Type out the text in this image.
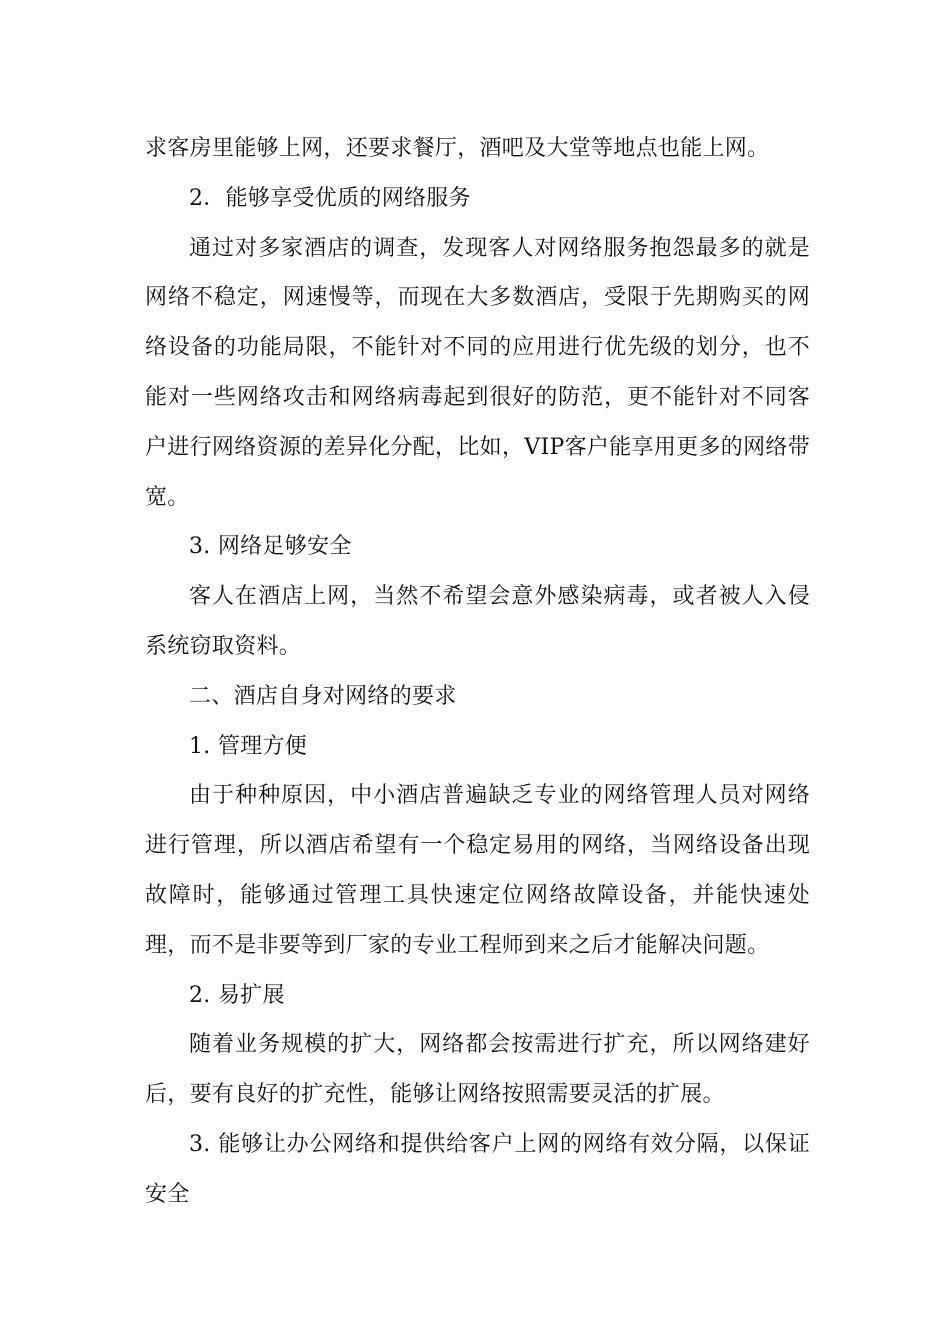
求客房里能够上网，还要求餐厅，酒吧及大堂等地点也能上网。

2．能够享受优质的网络服务

通过对多家酒店的调查，发现客人对网络服务抱怨最多的就是网络不稳定，网速慢等，而现在大多数酒店，受限于先期购买的网络设备的功能局限，不能针对不同的应用进行优先级的划分，也不能对一些网络攻击和网络病毒起到很好的防范，更不能针对不同客户进行网络资源的差异化分配，比如，VIP客户能享用更多的网络带宽。

3. 网络足够安全

客人在酒店上网，当然不希望会意外感染病毒，或者被人入侵系统窃取资料。

二、酒店自身对网络的要求

1. 管理方便

由于种种原因，中小酒店普遍缺乏专业的网络管理人员对网络进行管理，所以酒店希望有一个稳定易用的网络，当网络设备出现故障时，能够通过管理工具快速定位网络故障设备，并能快速处理，而不是非要等到厂家的专业工程师到来之后才能解决问题。

2. 易扩展

随着业务规模的扩大，网络都会按需进行扩充，所以网络建好后，要有良好的扩充性，能够让网络按照需要灵活的扩展。

3. 能够让办公网络和提供给客户上网的网络有效分隔，以保证安全
